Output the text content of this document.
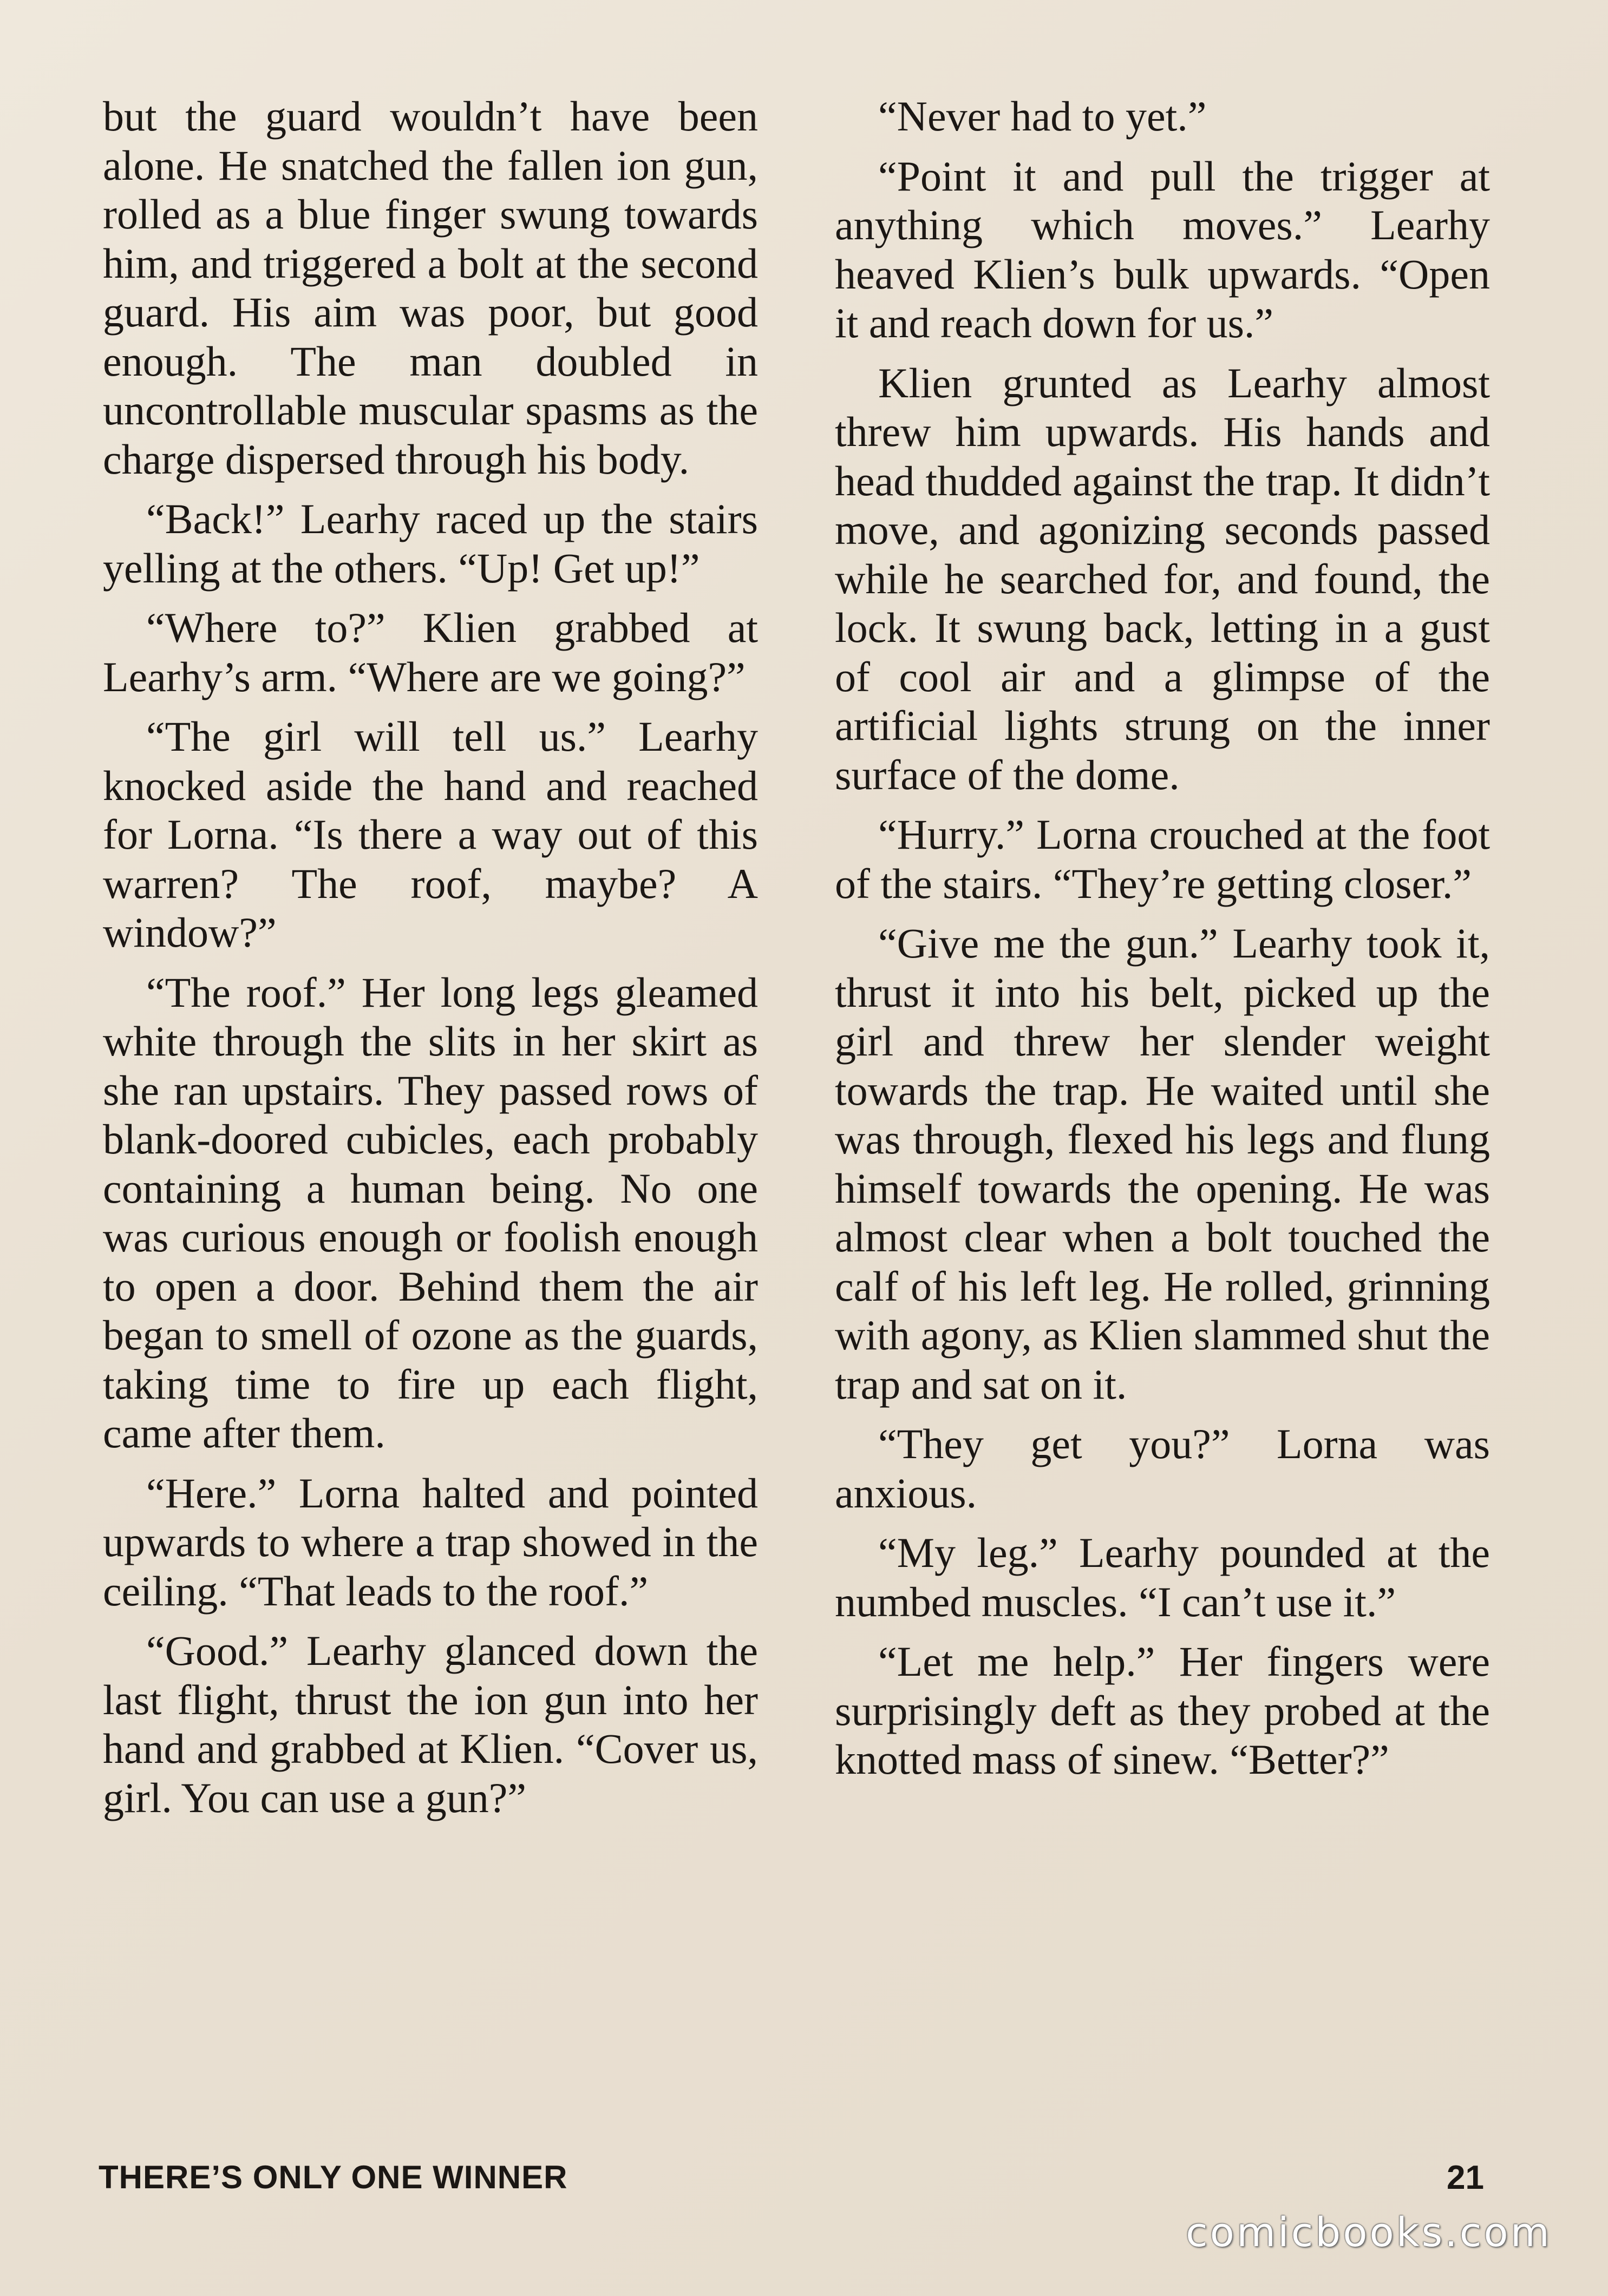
but the guard wouldn’t have been alone. He snatched the fallen ion gun, rolled as a blue finger swung towards him, and triggered a bolt at the second guard. His aim was poor, but good enough. The man doubled in uncontrollable muscular spasms as the charge dispersed through his body.

“Back!” Learhy raced up the stairs yelling at the others. “Up! Get up!”

“Where to?” Klien grabbed at Learhy’s arm. “Where are we going?”

“The girl will tell us.” Learhy knocked aside the hand and reached for Lorna. “Is there a way out of this warren? The roof, maybe? A window?”

“The roof.” Her long legs gleamed white through the slits in her skirt as she ran upstairs. They passed rows of blank-doored cubicles, each probably containing a human being. No one was curious enough or foolish enough to open a door. Behind them the air began to smell of ozone as the guards, taking time to fire up each flight, came after them.

“Here.” Lorna halted and pointed upwards to where a trap showed in the ceiling. “That leads to the roof.”

“Good.” Learhy glanced down the last flight, thrust the ion gun into her hand and grabbed at Klien. “Cover us, girl. You can use a gun?”

“Never had to yet.”

“Point it and pull the trigger at anything which moves.” Learhy heaved Klien’s bulk upwards. “Open it and reach down for us.”

Klien grunted as Learhy almost threw him upwards. His hands and head thudded against the trap. It didn’t move, and agonizing seconds passed while he searched for, and found, the lock. It swung back, letting in a gust of cool air and a glimpse of the artificial lights strung on the inner surface of the dome.

“Hurry.” Lorna crouched at the foot of the stairs. “They’re getting closer.”

“Give me the gun.” Learhy took it, thrust it into his belt, picked up the girl and threw her slender weight towards the trap. He waited until she was through, flexed his legs and flung himself towards the opening. He was almost clear when a bolt touched the calf of his left leg. He rolled, grinning with agony, as Klien slammed shut the trap and sat on it.

“They get you?” Lorna was anxious.

“My leg.” Learhy pounded at the numbed muscles. “I can’t use it.”

“Let me help.” Her fingers were surprisingly deft as they probed at the knotted mass of sinew. “Better?”

THERE’S ONLY ONE WINNER	21
comicbooks.com
